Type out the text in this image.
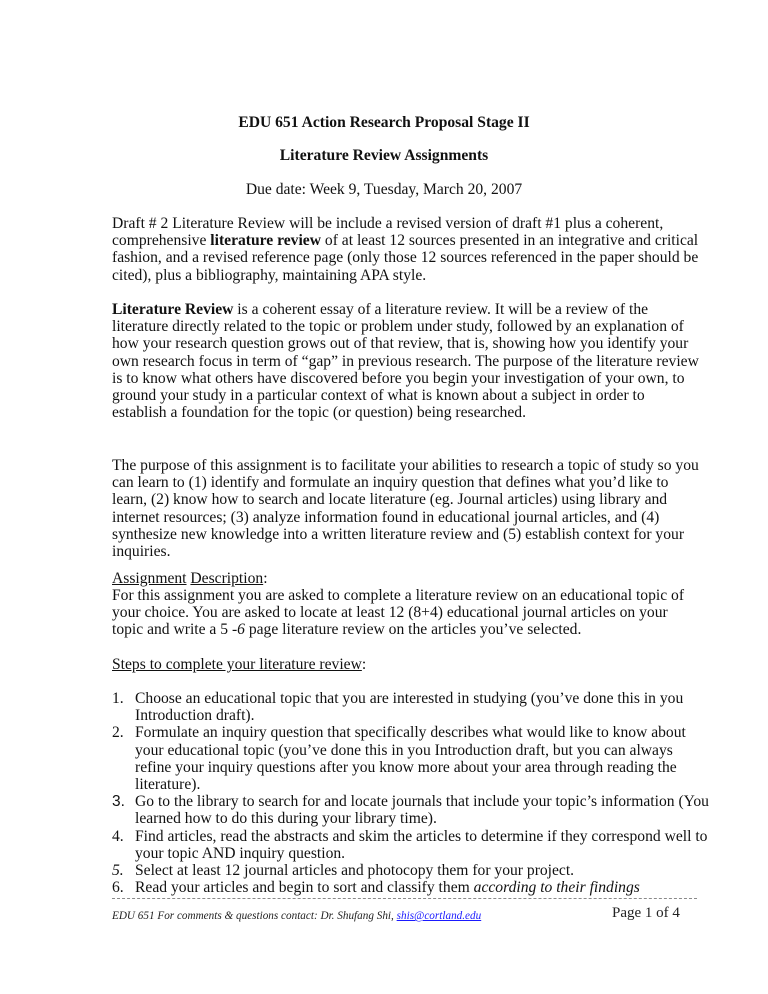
EDU 651 Action Research Proposal Stage II
Literature Review Assignments
Due date: Week 9, Tuesday, March 20, 2007

Draft # 2 Literature Review will be include a revised version of draft #1 plus a coherent, comprehensive literature review of at least 12 sources presented in an integrative and critical fashion, and a revised reference page (only those 12 sources referenced in the paper should be cited), plus a bibliography, maintaining APA style.

Literature Review is a coherent essay of a literature review. It will be a review of the literature directly related to the topic or problem under study, followed by an explanation of how your research question grows out of that review, that is, showing how you identify your own research focus in term of “gap” in previous research. The purpose of the literature review is to know what others have discovered before you begin your investigation of your own, to ground your study in a particular context of what is known about a subject in order to establish a foundation for the topic (or question) being researched.

The purpose of this assignment is to facilitate your abilities to research a topic of study so you can learn to (1) identify and formulate an inquiry question that defines what you’d like to learn, (2) know how to search and locate literature (eg. Journal articles) using library and internet resources; (3) analyze information found in educational journal articles, and (4) synthesize new knowledge into a written literature review and (5) establish context for your inquiries.

Assignment Description:

For this assignment you are asked to complete a literature review on an educational topic of your choice. You are asked to locate at least 12 (8+4) educational journal articles on your topic and write a 5 -6 page literature review on the articles you’ve selected.

Steps to complete your literature review:

1. Choose an educational topic that you are interested in studying (you’ve done this in you Introduction draft).
2. Formulate an inquiry question that specifically describes what would like to know about your educational topic (you’ve done this in you Introduction draft, but you can always refine your inquiry questions after you know more about your area through reading the literature).
3. Go to the library to search for and locate journals that include your topic’s information (You learned how to do this during your library time).
4. Find articles, read the abstracts and skim the articles to determine if they correspond well to your topic AND inquiry question.
5. Select at least 12 journal articles and photocopy them for your project.
6. Read your articles and begin to sort and classify them according to their findings
EDU 651 For comments & questions contact: Dr. Shufang Shi, shis@cortland.edu	Page 1 of 4
